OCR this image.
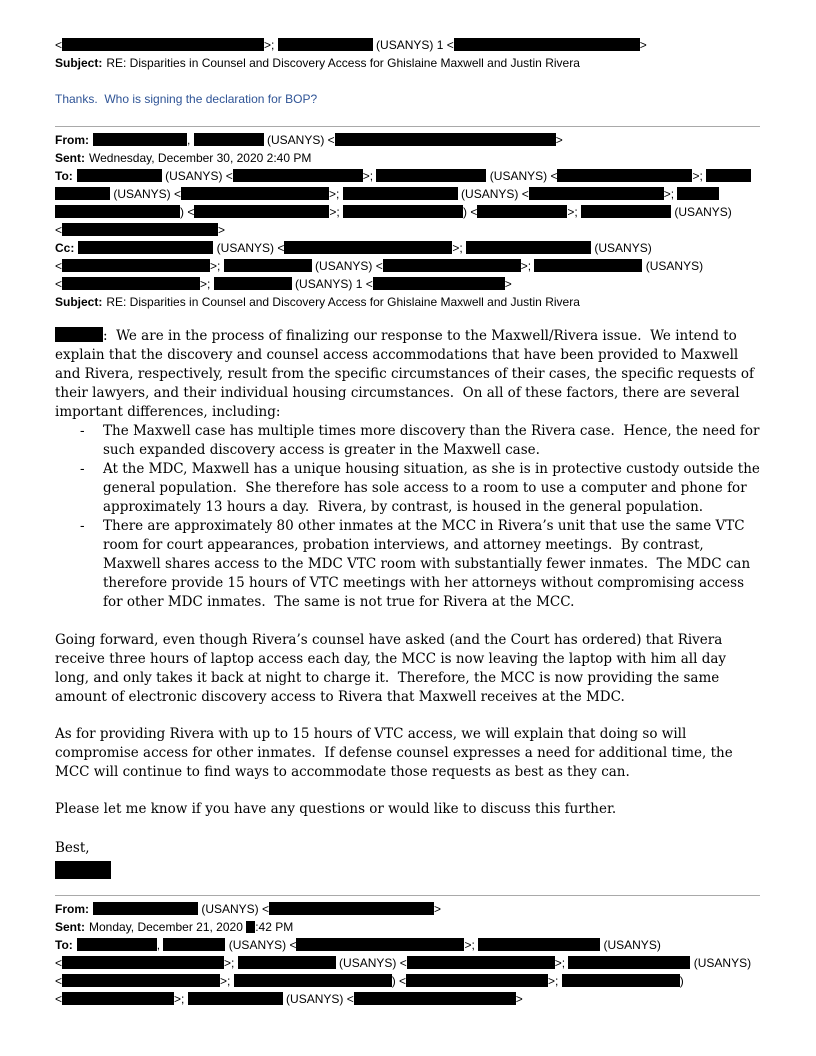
<	>;	(USANYS) 1 <	>
Subject: RE: Disparities in Counsel and Discovery Access for Ghislaine Maxwell and Justin Rivera
Thanks.  Who is signing the declaration for BOP?
From:	,	(USANYS) <	>
Sent: Wednesday, December 30, 2020 2:40 PM
To:	(USANYS) <	>;	(USANYS) <	>;
(USANYS) <	>;	(USANYS) <	>;
) <	>;	) <	>;	(USANYS)
<	>
Cc:	(USANYS) <	>;	(USANYS)
<	>;	(USANYS) <	>;	(USANYS)
<	>;	(USANYS) 1 <	>
Subject: RE: Disparities in Counsel and Discovery Access for Ghislaine Maxwell and Justin Rivera

:  We are in the process of finalizing our response to the Maxwell/Rivera issue.  We intend to explain that the discovery and counsel access accommodations that have been provided to Maxwell and Rivera, respectively, result from the specific circumstances of their cases, the specific requests of their lawyers, and their individual housing circumstances.  On all of these factors, there are several important differences, including:

- The Maxwell case has multiple times more discovery than the Rivera case.  Hence, the need for such expanded discovery access is greater in the Maxwell case.
- At the MDC, Maxwell has a unique housing situation, as she is in protective custody outside the general population.  She therefore has sole access to a room to use a computer and phone for approximately 13 hours a day.  Rivera, by contrast, is housed in the general population.
- There are approximately 80 other inmates at the MCC in Rivera’s unit that use the same VTC room for court appearances, probation interviews, and attorney meetings.  By contrast, Maxwell shares access to the MDC VTC room with substantially fewer inmates.  The MDC can therefore provide 15 hours of VTC meetings with her attorneys without compromising access for other MDC inmates.  The same is not true for Rivera at the MCC.

Going forward, even though Rivera’s counsel have asked (and the Court has ordered) that Rivera receive three hours of laptop access each day, the MCC is now leaving the laptop with him all day long, and only takes it back at night to charge it.  Therefore, the MCC is now providing the same amount of electronic discovery access to Rivera that Maxwell receives at the MDC.

As for providing Rivera with up to 15 hours of VTC access, we will explain that doing so will compromise access for other inmates.  If defense counsel expresses a need for additional time, the MCC will continue to find ways to accommodate those requests as best as they can.

Please let me know if you have any questions or would like to discuss this further.

Best,

From:	(USANYS) <	>
Sent: Monday, December 21, 2020 :42 PM
To:	,	(USANYS) <	>;	(USANYS)
<	>;	(USANYS) <	>;	(USANYS)
<	>;	) <	>;	)
<	>;	(USANYS) <	>
